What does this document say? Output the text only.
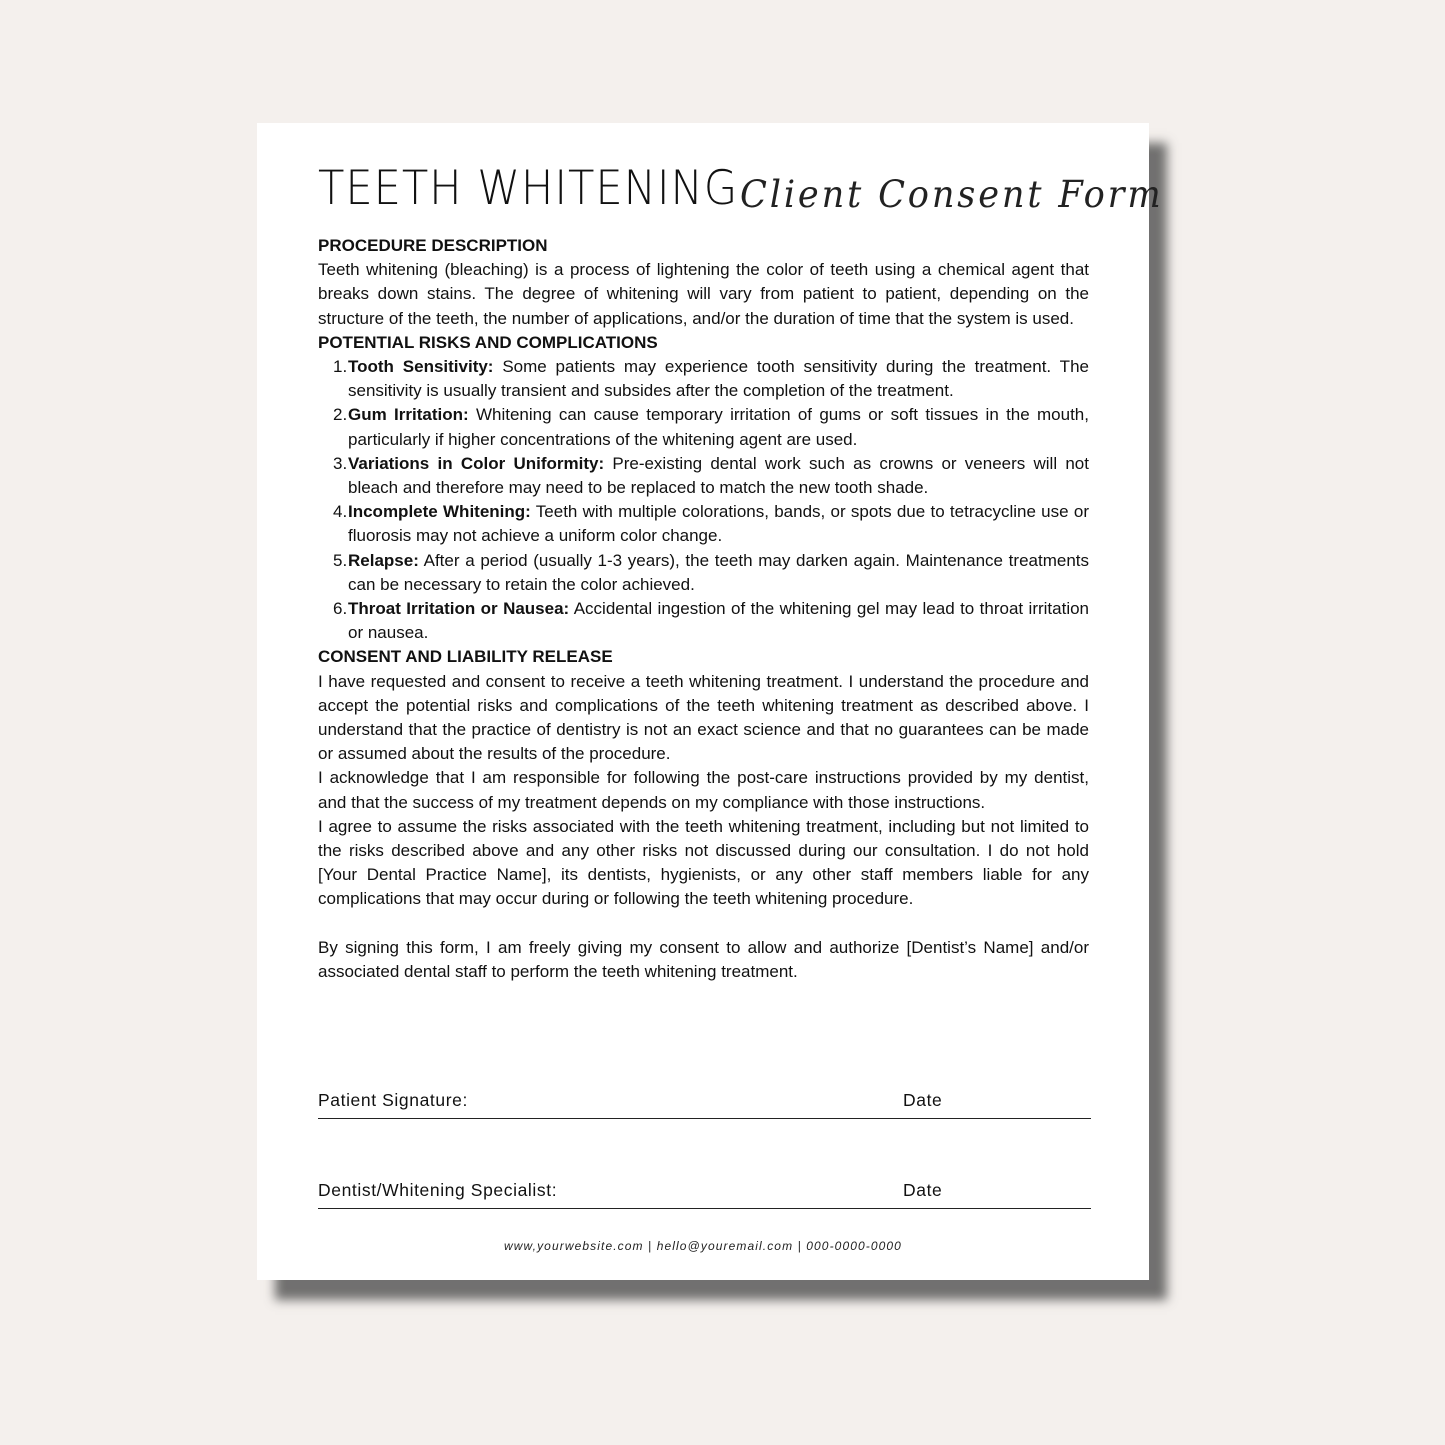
TEETH WHITENING Client Consent Form

PROCEDURE DESCRIPTION

Teeth whitening (bleaching) is a process of lightening the color of teeth using a chemical agent that breaks down stains. The degree of whitening will vary from patient to patient, depending on the structure of the teeth, the number of applications, and/or the duration of time that the system is used.

POTENTIAL RISKS AND COMPLICATIONS

Tooth Sensitivity: Some patients may experience tooth sensitivity during the treatment. The sensitivity is usually transient and subsides after the completion of the treatment.
Gum Irritation: Whitening can cause temporary irritation of gums or soft tissues in the mouth, particularly if higher concentrations of the whitening agent are used.
Variations in Color Uniformity: Pre-existing dental work such as crowns or veneers will not bleach and therefore may need to be replaced to match the new tooth shade.
Incomplete Whitening: Teeth with multiple colorations, bands, or spots due to tetracycline use or fluorosis may not achieve a uniform color change.
Relapse: After a period (usually 1-3 years), the teeth may darken again. Maintenance treatments can be necessary to retain the color achieved.
Throat Irritation or Nausea: Accidental ingestion of the whitening gel may lead to throat irritation or nausea.

CONSENT AND LIABILITY RELEASE

I have requested and consent to receive a teeth whitening treatment. I understand the procedure and accept the potential risks and complications of the teeth whitening treatment as described above. I understand that the practice of dentistry is not an exact science and that no guarantees can be made or assumed about the results of the procedure.

I acknowledge that I am responsible for following the post-care instructions provided by my dentist, and that the success of my treatment depends on my compliance with those instructions.

I agree to assume the risks associated with the teeth whitening treatment, including but not limited to the risks described above and any other risks not discussed during our consultation. I do not hold [Your Dental Practice Name], its dentists, hygienists, or any other staff members liable for any complications that may occur during or following the teeth whitening procedure.

By signing this form, I am freely giving my consent to allow and authorize [Dentist’s Name] and/or associated dental staff to perform the teeth whitening treatment.

Patient Signature:	Date
Dentist/Whitening Specialist:	Date
www,yourwebsite.com | hello@youremail.com | 000-0000-0000
